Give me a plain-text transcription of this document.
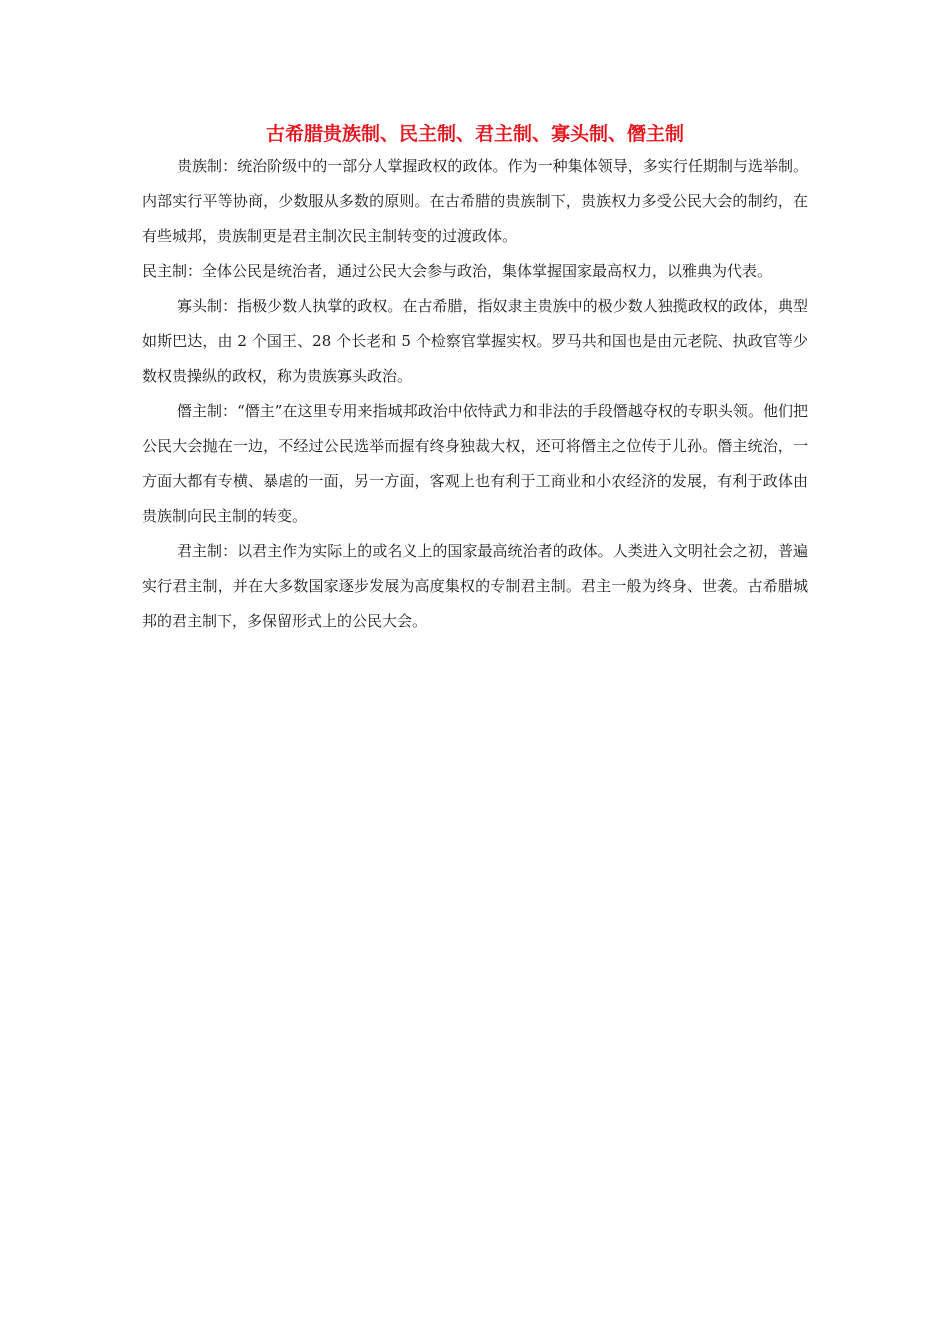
古希腊贵族制、民主制、君主制、寡头制、僭主制

贵族制：统治阶级中的一部分人掌握政权的政体。作为一种集体领导，多实行任期制与选举制。内部实行平等协商，少数服从多数的原则。在古希腊的贵族制下，贵族权力多受公民大会的制约，在有些城邦，贵族制更是君主制次民主制转变的过渡政体。

民主制：全体公民是统治者，通过公民大会参与政治，集体掌握国家最高权力，以雅典为代表。

寡头制：指极少数人执掌的政权。在古希腊，指奴隶主贵族中的极少数人独揽政权的政体，典型如斯巴达，由 2 个国王、28 个长老和 5 个检察官掌握实权。罗马共和国也是由元老院、执政官等少数权贵操纵的政权，称为贵族寡头政治。

僭主制：“僭主”在这里专用来指城邦政治中依恃武力和非法的手段僭越夺权的专职头领。他们把公民大会抛在一边，不经过公民选举而握有终身独裁大权，还可将僭主之位传于儿孙。僭主统治，一方面大都有专横、暴虐的一面，另一方面，客观上也有利于工商业和小农经济的发展，有利于政体由贵族制向民主制的转变。

君主制：以君主作为实际上的或名义上的国家最高统治者的政体。人类进入文明社会之初，普遍实行君主制，并在大多数国家逐步发展为高度集权的专制君主制。君主一般为终身、世袭。古希腊城邦的君主制下，多保留形式上的公民大会。
